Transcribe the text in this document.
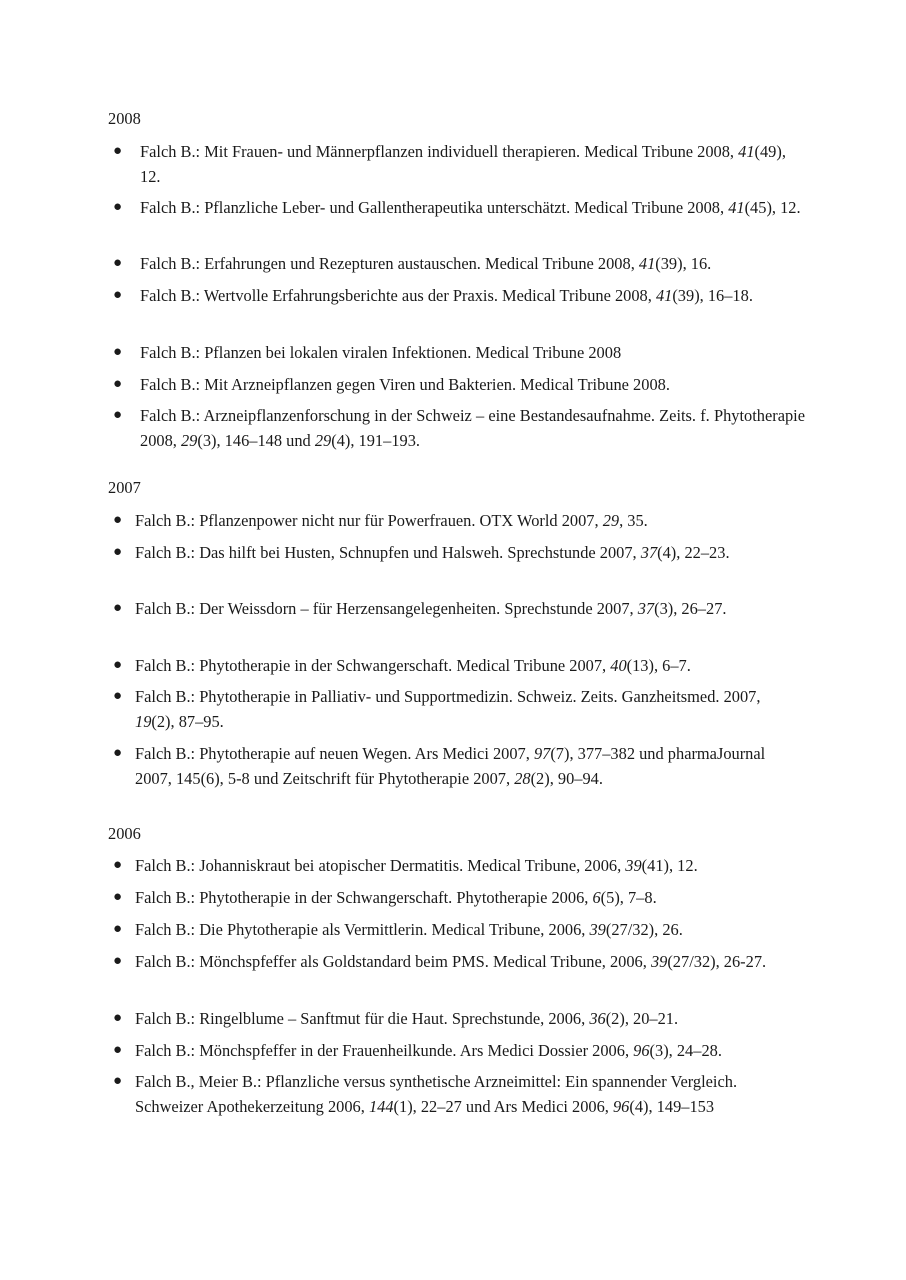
2008
● Falch B.: Mit Frauen- und Männerpflanzen individuell therapieren. Medical Tribune 2008, 41(49), 12.
● Falch B.: Pflanzliche Leber- und Gallentherapeutika unterschätzt. Medical Tribune 2008, 41(45), 12.
● Falch B.: Erfahrungen und Rezepturen austauschen. Medical Tribune 2008, 41(39), 16.
● Falch B.: Wertvolle Erfahrungsberichte aus der Praxis. Medical Tribune 2008, 41(39), 16–18.
● Falch B.: Pflanzen bei lokalen viralen Infektionen. Medical Tribune 2008
● Falch B.: Mit Arzneipflanzen gegen Viren und Bakterien. Medical Tribune 2008.
● Falch B.: Arzneipflanzenforschung in der Schweiz – eine Bestandesaufnahme. Zeits. f. Phytotherapie 2008, 29(3), 146–148 und 29(4), 191–193.
2007
● Falch B.: Pflanzenpower nicht nur für Powerfrauen. OTX World 2007, 29, 35.
● Falch B.: Das hilft bei Husten, Schnupfen und Halsweh. Sprechstunde 2007, 37(4), 22–23.
● Falch B.: Der Weissdorn – für Herzensangelegenheiten. Sprechstunde 2007, 37(3), 26–27.
● Falch B.: Phytotherapie in der Schwangerschaft. Medical Tribune 2007, 40(13), 6–7.
● Falch B.: Phytotherapie in Palliativ- und Supportmedizin. Schweiz. Zeits. Ganzheitsmed. 2007, 19(2), 87–95.
● Falch B.: Phytotherapie auf neuen Wegen. Ars Medici 2007, 97(7), 377–382 und pharmaJournal 2007, 145(6), 5-8 und Zeitschrift für Phytotherapie 2007, 28(2), 90–94.
2006
● Falch B.: Johanniskraut bei atopischer Dermatitis. Medical Tribune, 2006, 39(41), 12.
● Falch B.: Phytotherapie in der Schwangerschaft. Phytotherapie 2006, 6(5), 7–8.
● Falch B.: Die Phytotherapie als Vermittlerin. Medical Tribune, 2006, 39(27/32), 26.
● Falch B.: Mönchspfeffer als Goldstandard beim PMS. Medical Tribune, 2006, 39(27/32), 26-27.
● Falch B.: Ringelblume – Sanftmut für die Haut. Sprechstunde, 2006, 36(2), 20–21.
● Falch B.: Mönchspfeffer in der Frauenheilkunde. Ars Medici Dossier 2006, 96(3), 24–28.
● Falch B., Meier B.: Pflanzliche versus synthetische Arzneimittel: Ein spannender Vergleich. Schweizer Apothekerzeitung 2006, 144(1), 22–27 und Ars Medici 2006, 96(4), 149–153
